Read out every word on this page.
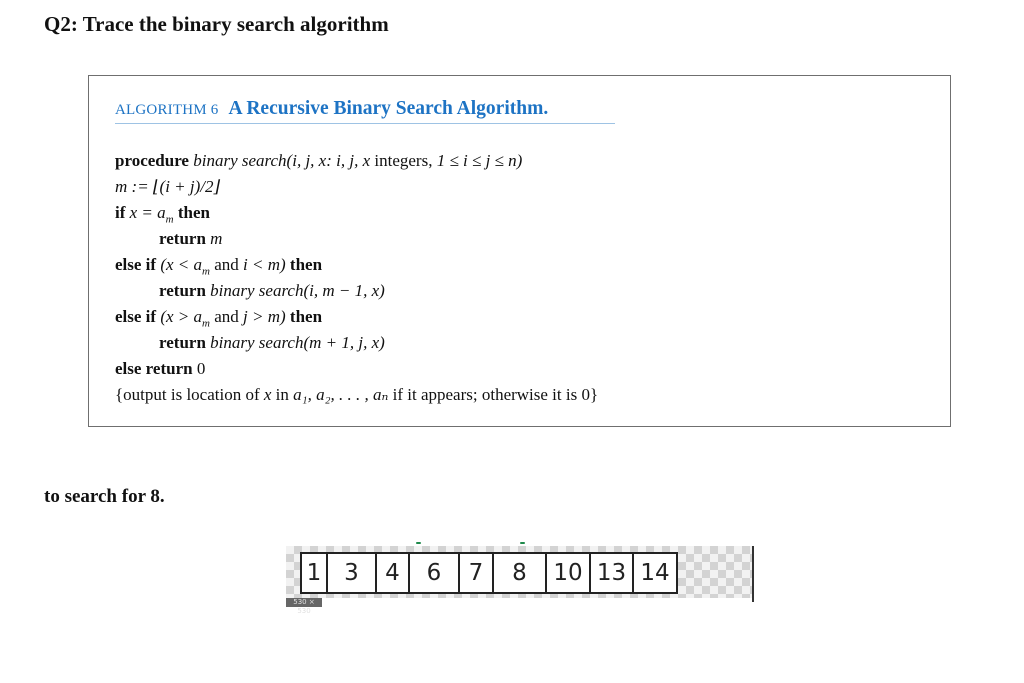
Q2: Trace the binary search algorithm
ALGORITHM 6 A Recursive Binary Search Algorithm.
procedure binary search(i, j, x: i, j, x integers, 1 ≤ i ≤ j ≤ n)
m := ⌊(i + j)/2⌋
if $x = a_m$ then
return m
else if ($x < a_m$ and i < m) then
return binary search(i, m − 1, x)
else if ($x > a_m$ and j > m) then
return binary search(m + 1, j, x)
else return 0
{output is location of x in a₁, a₂, . . . , aₙ if it appears; otherwise it is 0}
to search for 8.
1 3	4	6	7	8	10 13 14
530 × 530
